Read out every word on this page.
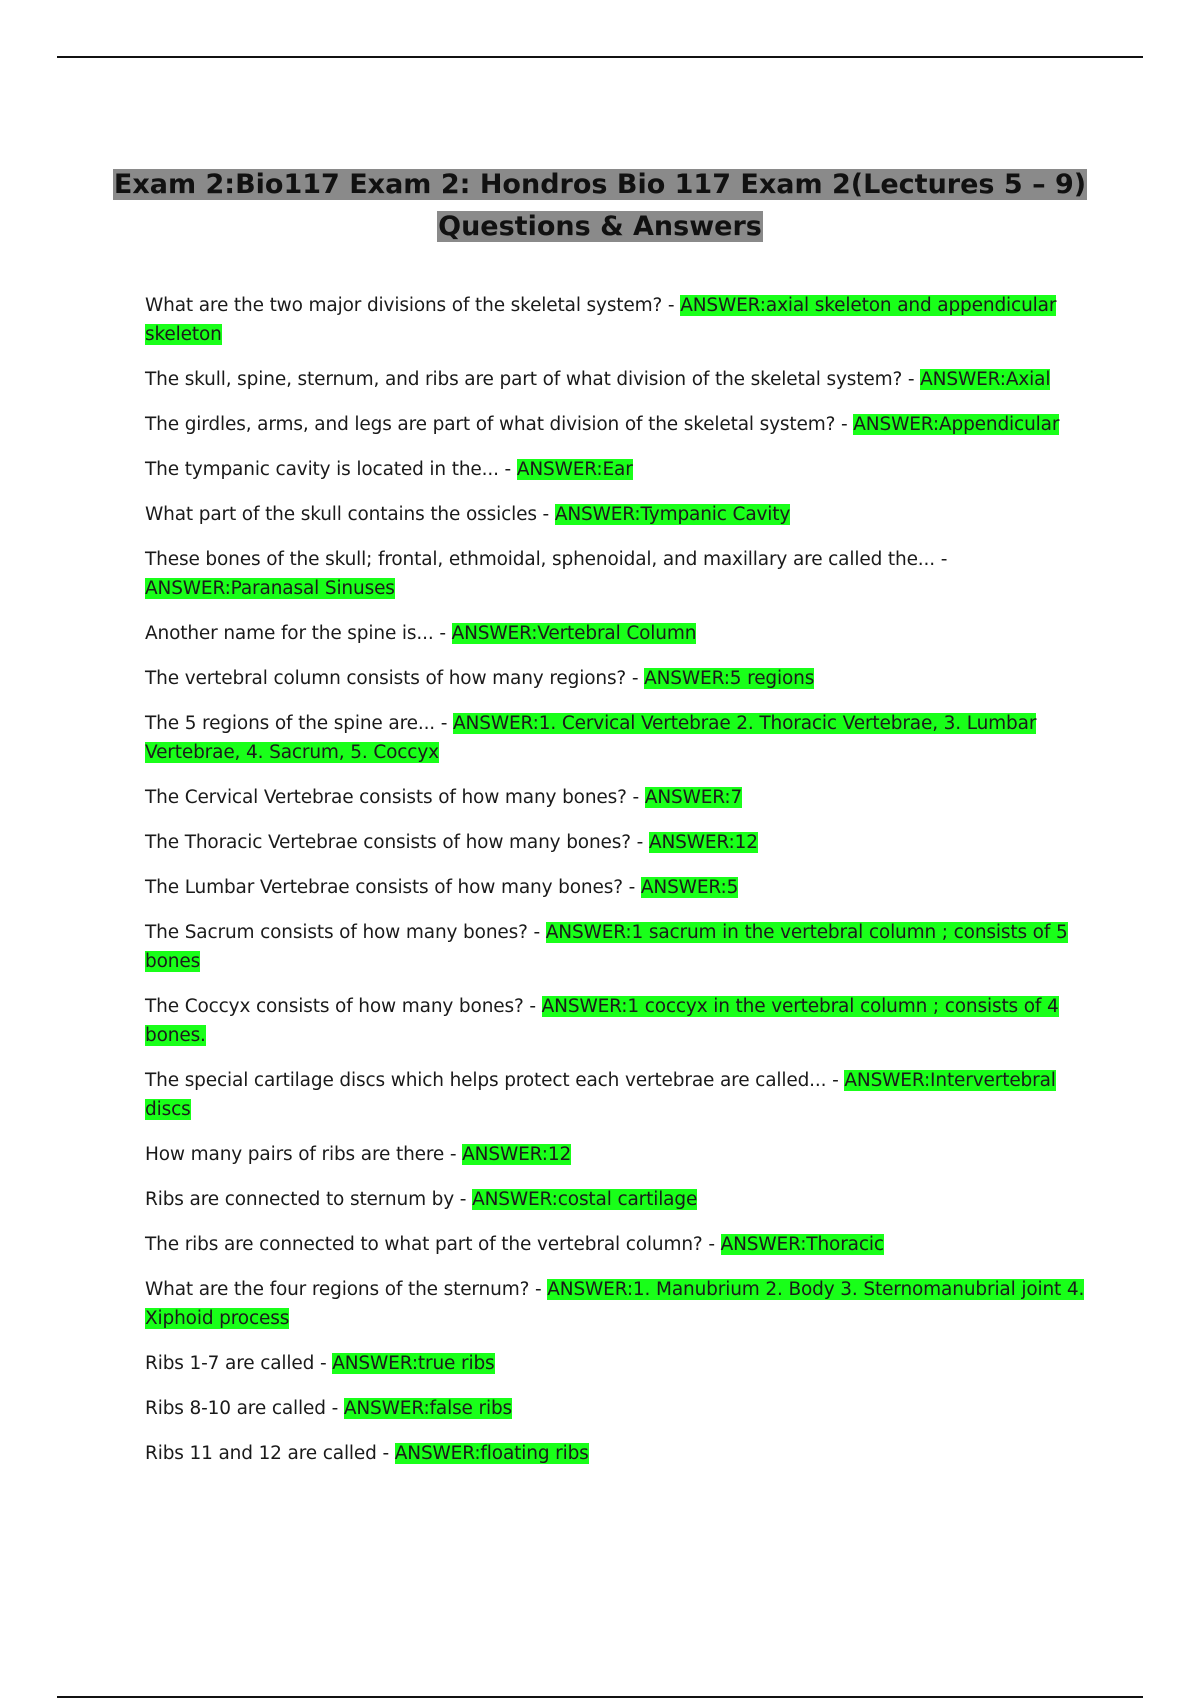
Exam 2:Bio117 Exam 2: Hondros Bio 117 Exam 2(Lectures 5 – 9)
Questions & Answers

What are the two major divisions of the skeletal system? - ANSWER:axial skeleton and appendicular skeleton

The skull, spine, sternum, and ribs are part of what division of the skeletal system? - ANSWER:Axial

The girdles, arms, and legs are part of what division of the skeletal system? - ANSWER:Appendicular

The tympanic cavity is located in the... - ANSWER:Ear

What part of the skull contains the ossicles - ANSWER:Tympanic Cavity

These bones of the skull; frontal, ethmoidal, sphenoidal, and maxillary are called the... - ANSWER:Paranasal Sinuses

Another name for the spine is... - ANSWER:Vertebral Column

The vertebral column consists of how many regions? - ANSWER:5 regions

The 5 regions of the spine are... - ANSWER:1. Cervical Vertebrae 2. Thoracic Vertebrae, 3. Lumbar Vertebrae, 4. Sacrum, 5. Coccyx

The Cervical Vertebrae consists of how many bones? - ANSWER:7

The Thoracic Vertebrae consists of how many bones? - ANSWER:12

The Lumbar Vertebrae consists of how many bones? - ANSWER:5

The Sacrum consists of how many bones? - ANSWER:1 sacrum in the vertebral column ; consists of 5 bones

The Coccyx consists of how many bones? - ANSWER:1 coccyx in the vertebral column ; consists of 4 bones.

The special cartilage discs which helps protect each vertebrae are called... - ANSWER:Intervertebral discs

How many pairs of ribs are there - ANSWER:12

Ribs are connected to sternum by - ANSWER:costal cartilage

The ribs are connected to what part of the vertebral column? - ANSWER:Thoracic

What are the four regions of the sternum? - ANSWER:1. Manubrium 2. Body 3. Sternomanubrial joint 4. Xiphoid process

Ribs 1-7 are called - ANSWER:true ribs

Ribs 8-10 are called - ANSWER:false ribs

Ribs 11 and 12 are called - ANSWER:floating ribs
